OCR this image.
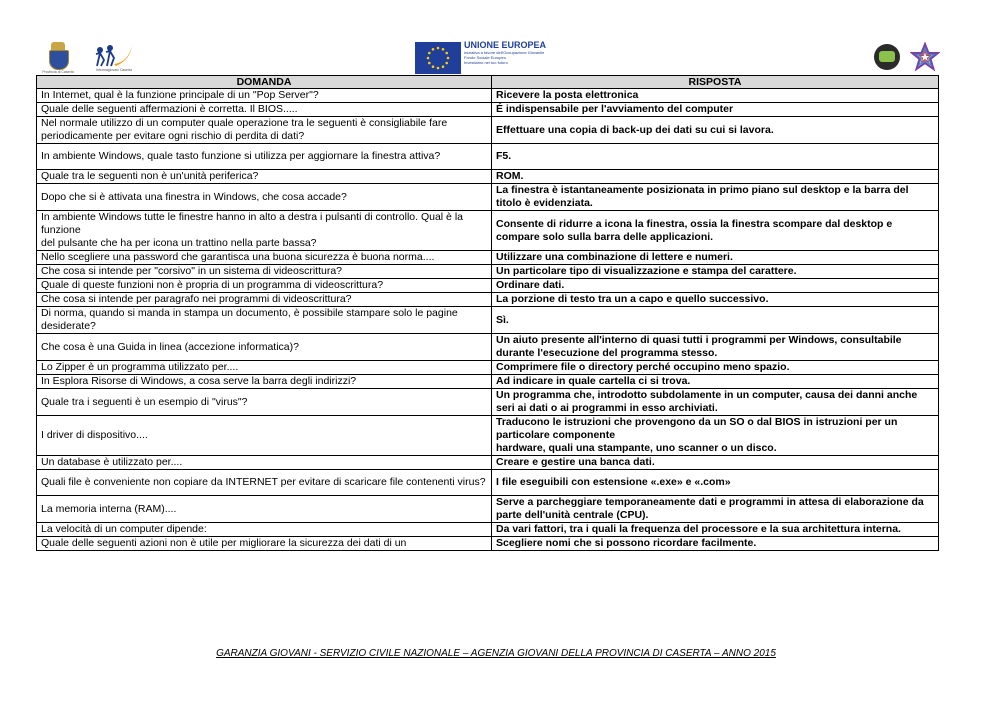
Provincia di Caserta	Informagiovani Caserta
UNIONE EUROPEA
Iniziativa a favore dell'Occupazione Giovanile
Fondo Sociale Europeo
Investiamo nel tuo futuro
DOMANDA	RISPOSTA
In Internet, qual è la funzione principale di un "Pop Server"?	Ricevere la posta elettronica
Quale delle seguenti affermazioni è corretta. Il BIOS.....	É indispensabile per l'avviamento del computer
Nel normale utilizzo di un computer quale operazione tra le seguenti è consigliabile fare periodicamente per evitare ogni rischio di perdita di dati?	Effettuare una copia di back-up dei dati su cui si lavora.
In ambiente Windows, quale tasto funzione si utilizza per aggiornare la finestra attiva?	F5.
Quale tra le seguenti non è un'unità periferica?	ROM.
Dopo che si è attivata una finestra in Windows, che cosa accade?	La finestra è istantaneamente posizionata in primo piano sul desktop e la barra del titolo è evidenziata.
In ambiente Windows tutte le finestre hanno in alto a destra i pulsanti di controllo. Qual è la funzione
del pulsante che ha per icona un trattino nella parte bassa?	Consente di ridurre a icona la finestra, ossia la finestra scompare dal desktop e compare solo sulla barra delle applicazioni.
Nello scegliere una password che garantisca una buona sicurezza è buona norma....	Utilizzare una combinazione di lettere e numeri.
Che cosa si intende per "corsivo" in un sistema di videoscrittura?	Un particolare tipo di visualizzazione e stampa del carattere.
Quale di queste funzioni non è propria di un programma di videoscrittura?	Ordinare dati.
Che cosa si intende per paragrafo nei programmi di videoscrittura?	La porzione di testo tra un a capo e quello successivo.
Di norma, quando si manda in stampa un documento, è possibile stampare solo le pagine desiderate?	Sì.
Che cosa è una Guida in linea (accezione informatica)?	Un aiuto presente all'interno di quasi tutti i programmi per Windows, consultabile durante l'esecuzione del programma stesso.
Lo Zipper è un programma utilizzato per....	Comprimere file o directory perché occupino meno spazio.
In Esplora Risorse di Windows, a cosa serve la barra degli indirizzi?	Ad indicare in quale cartella ci si trova.
Quale tra i seguenti è un esempio di "virus"?	Un programma che, introdotto subdolamente in un computer, causa dei danni anche seri ai dati o ai programmi in esso archiviati.
I driver di dispositivo....	Traducono le istruzioni che provengono da un SO o dal BIOS in istruzioni per un particolare componente
hardware, quali una stampante, uno scanner o un disco.
Un database è utilizzato per....	Creare e gestire una banca dati.
Quali file è conveniente non copiare da INTERNET per evitare di scaricare file contenenti virus?	I file eseguibili con estensione «.exe» e «.com»
La memoria interna (RAM)....	Serve a parcheggiare temporaneamente dati e programmi in attesa di elaborazione da parte dell'unità centrale (CPU).
La velocità di un computer dipende:	Da vari fattori, tra i quali la frequenza del processore e la sua architettura interna.
Quale delle seguenti azioni non è utile per migliorare la sicurezza dei dati di un	Scegliere nomi che si possono ricordare facilmente.
GARANZIA GIOVANI - SERVIZIO CIVILE NAZIONALE – AGENZIA GIOVANI DELLA PROVINCIA DI CASERTA – ANNO 2015
